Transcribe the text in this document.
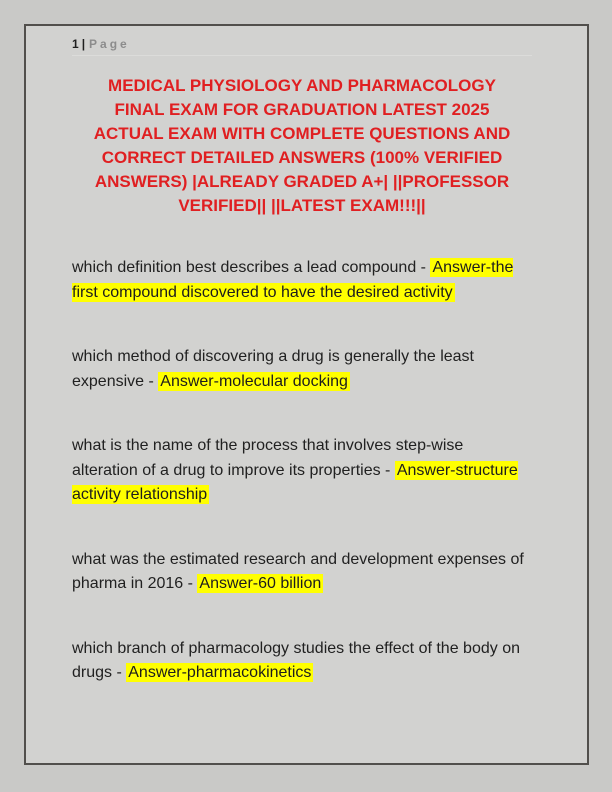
1 | Page
MEDICAL PHYSIOLOGY AND PHARMACOLOGY
FINAL EXAM FOR GRADUATION LATEST 2025
ACTUAL EXAM WITH COMPLETE QUESTIONS AND
CORRECT DETAILED ANSWERS (100% VERIFIED
ANSWERS) |ALREADY GRADED A+| ||PROFESSOR
VERIFIED|| ||LATEST EXAM!!!||
which definition best describes a lead compound - Answer-the first compound discovered to have the desired activity
which method of discovering a drug is generally the least expensive - Answer-molecular docking
what is the name of the process that involves step-wise alteration of a drug to improve its properties - Answer-structure activity relationship
what was the estimated research and development expenses of pharma in 2016 - Answer-60 billion
which branch of pharmacology studies the effect of the body on drugs - Answer-pharmacokinetics
